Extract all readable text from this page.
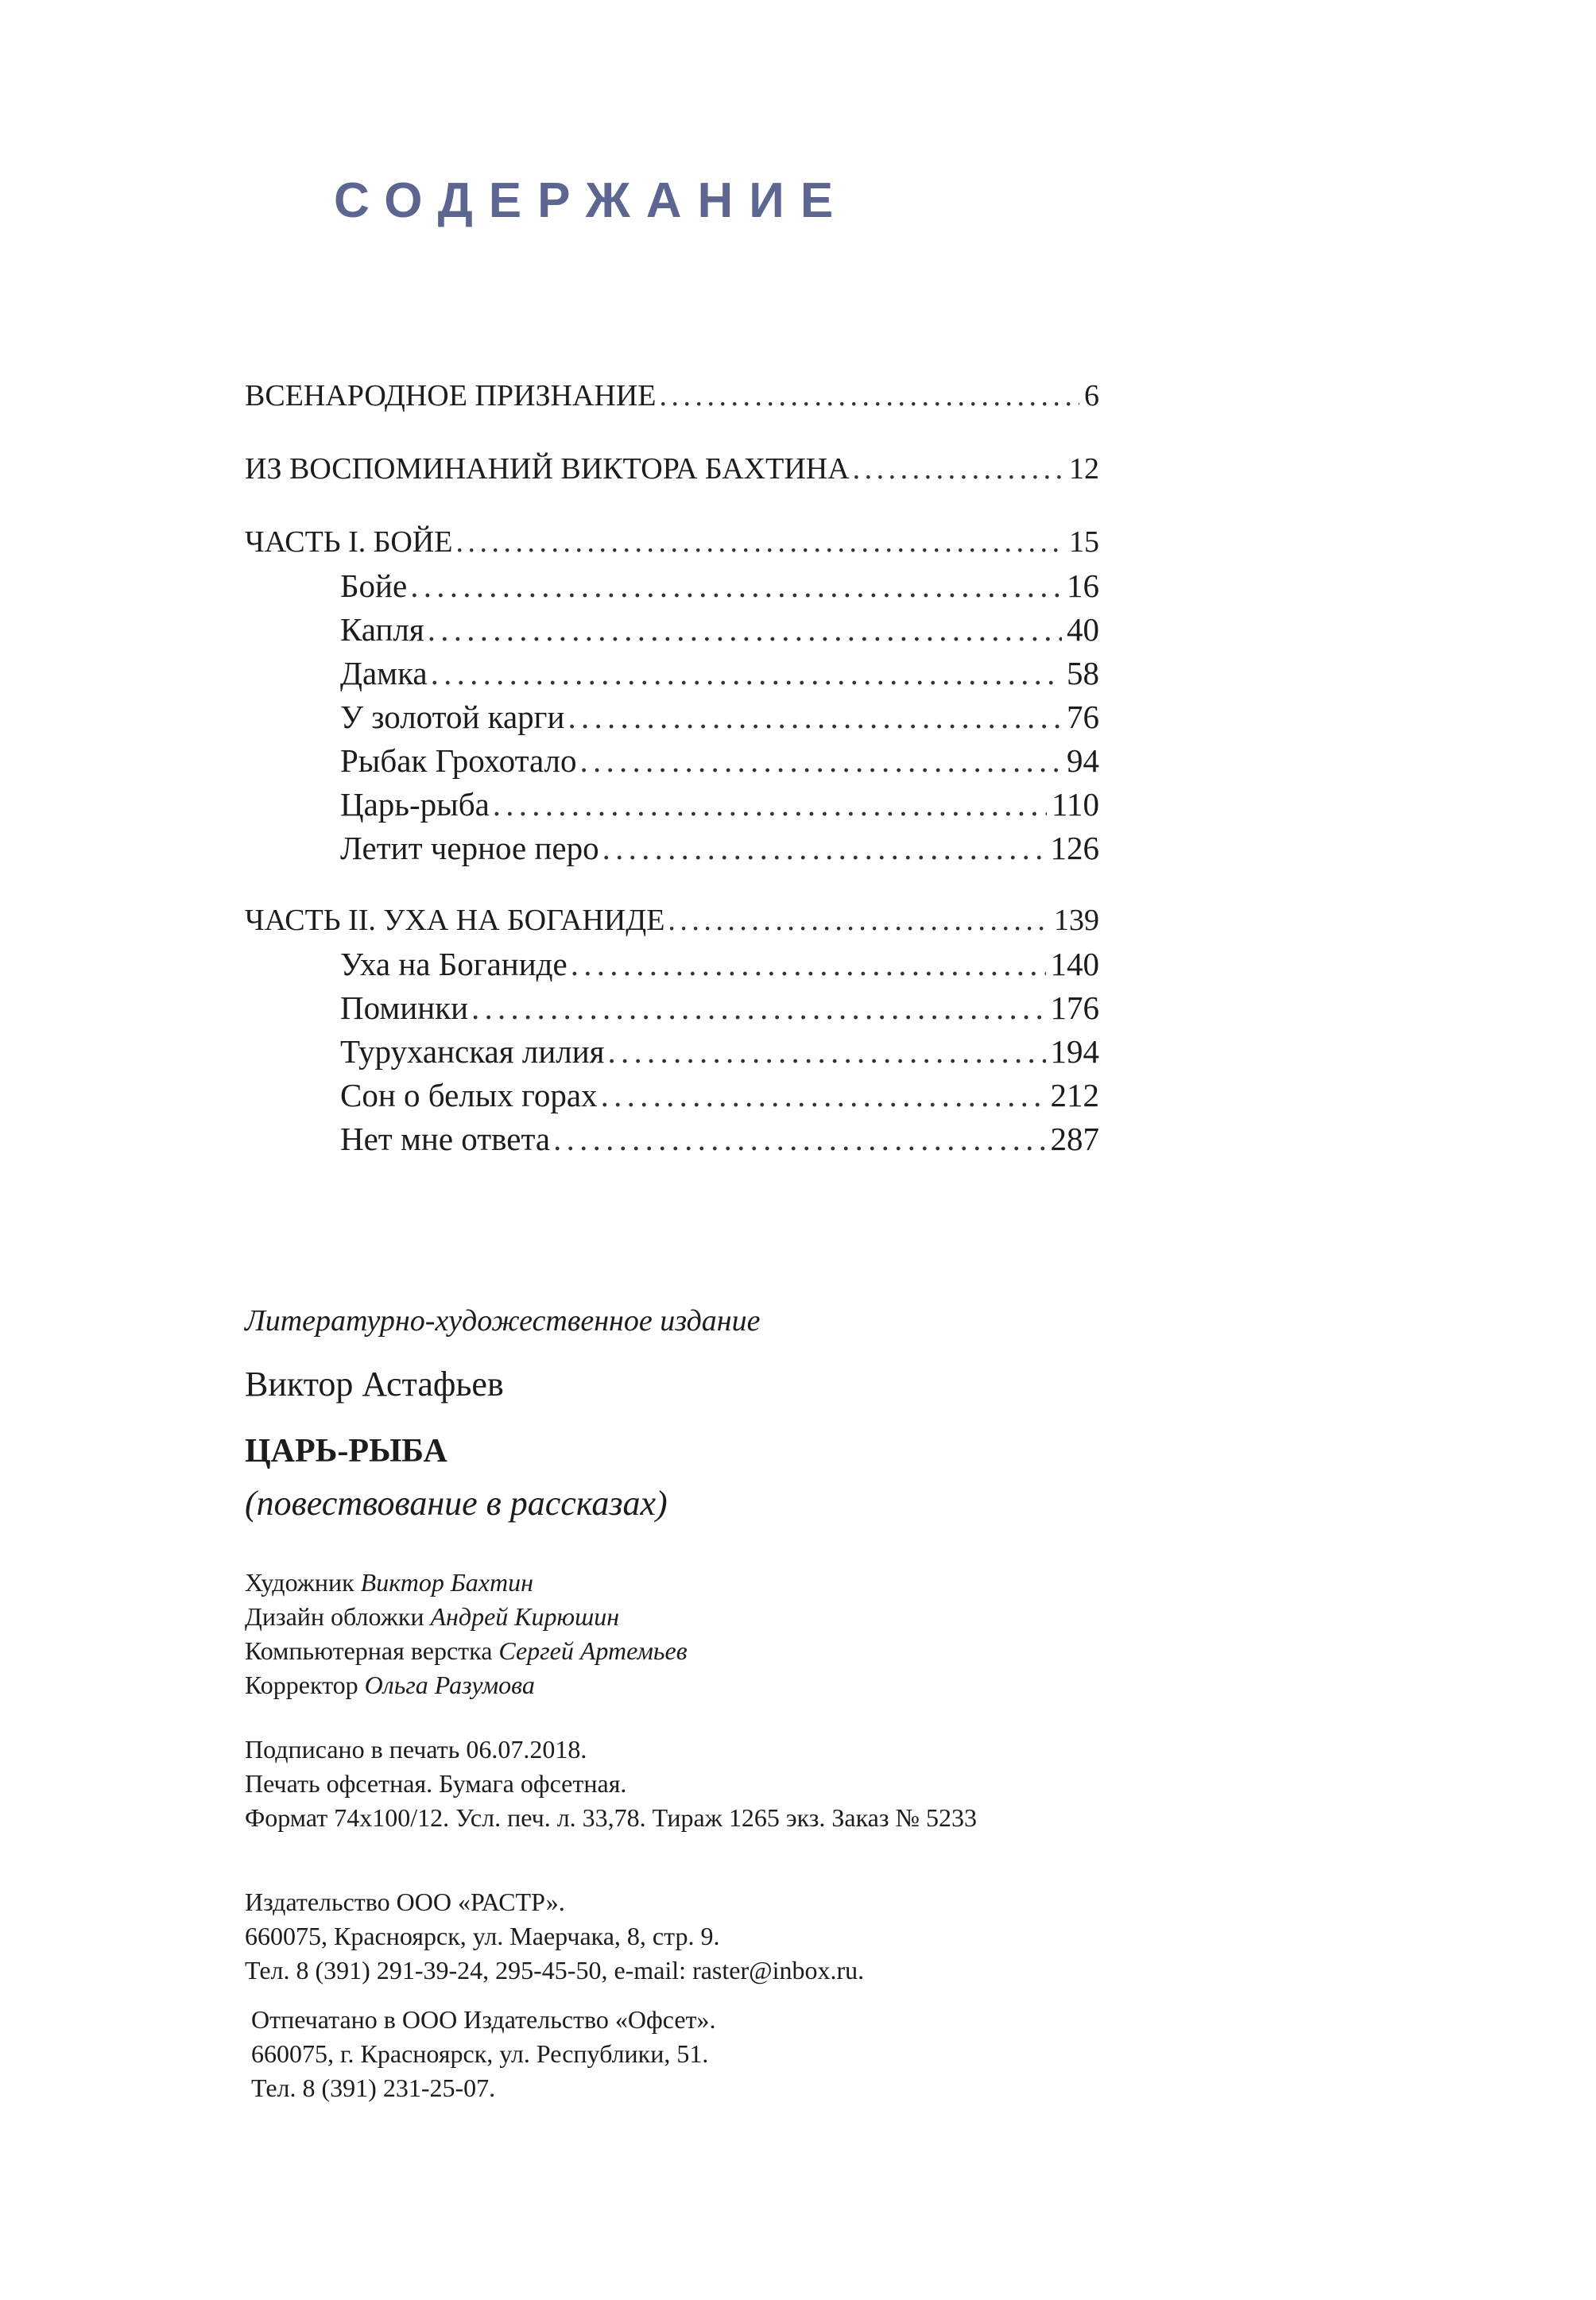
СОДЕРЖАНИЕ
ВСЕНАРОДНОЕ ПРИЗНАНИЕ . . .	6
ИЗ ВОСПОМИНАНИЙ ВИКТОРА БАХТИНА . . .	12
ЧАСТЬ I. БОЙЕ . . .	15
Бойе . . .	16
Капля . . .	40
Дамка . . .	58
У золотой карги . . .	76
Рыбак Грохотало . . .	94
Царь-рыба . . .	110
Летит черное перо . . .	126
ЧАСТЬ II. УХА НА БОГАНИДЕ . . .	139
Уха на Боганиде . . .	140
Поминки . . .	176
Туруханская лилия . . .	194
Сон о белых горах . . .	212
Нет мне ответа . . .	287
Литературно-художественное издание
Виктор Астафьев
ЦАРЬ-РЫБА
(повествование в рассказах)
Художник Виктор Бахтин
Дизайн обложки Андрей Кирюшин
Компьютерная верстка Сергей Артемьев
Корректор Ольга Разумова
Подписано в печать 06.07.2018.
Печать офсетная. Бумага офсетная.
Формат 74х100/12. Усл. печ. л. 33,78. Тираж 1265 экз. Заказ № 5233
Издательство ООО «РАСТР».
660075, Красноярск, ул. Маерчака, 8, стр. 9.
Тел. 8 (391) 291-39-24, 295-45-50, e-mail: raster@inbox.ru.
Отпечатано в ООО Издательство «Офсет».
660075, г. Красноярск, ул. Республики, 51.
Тел. 8 (391) 231-25-07.
